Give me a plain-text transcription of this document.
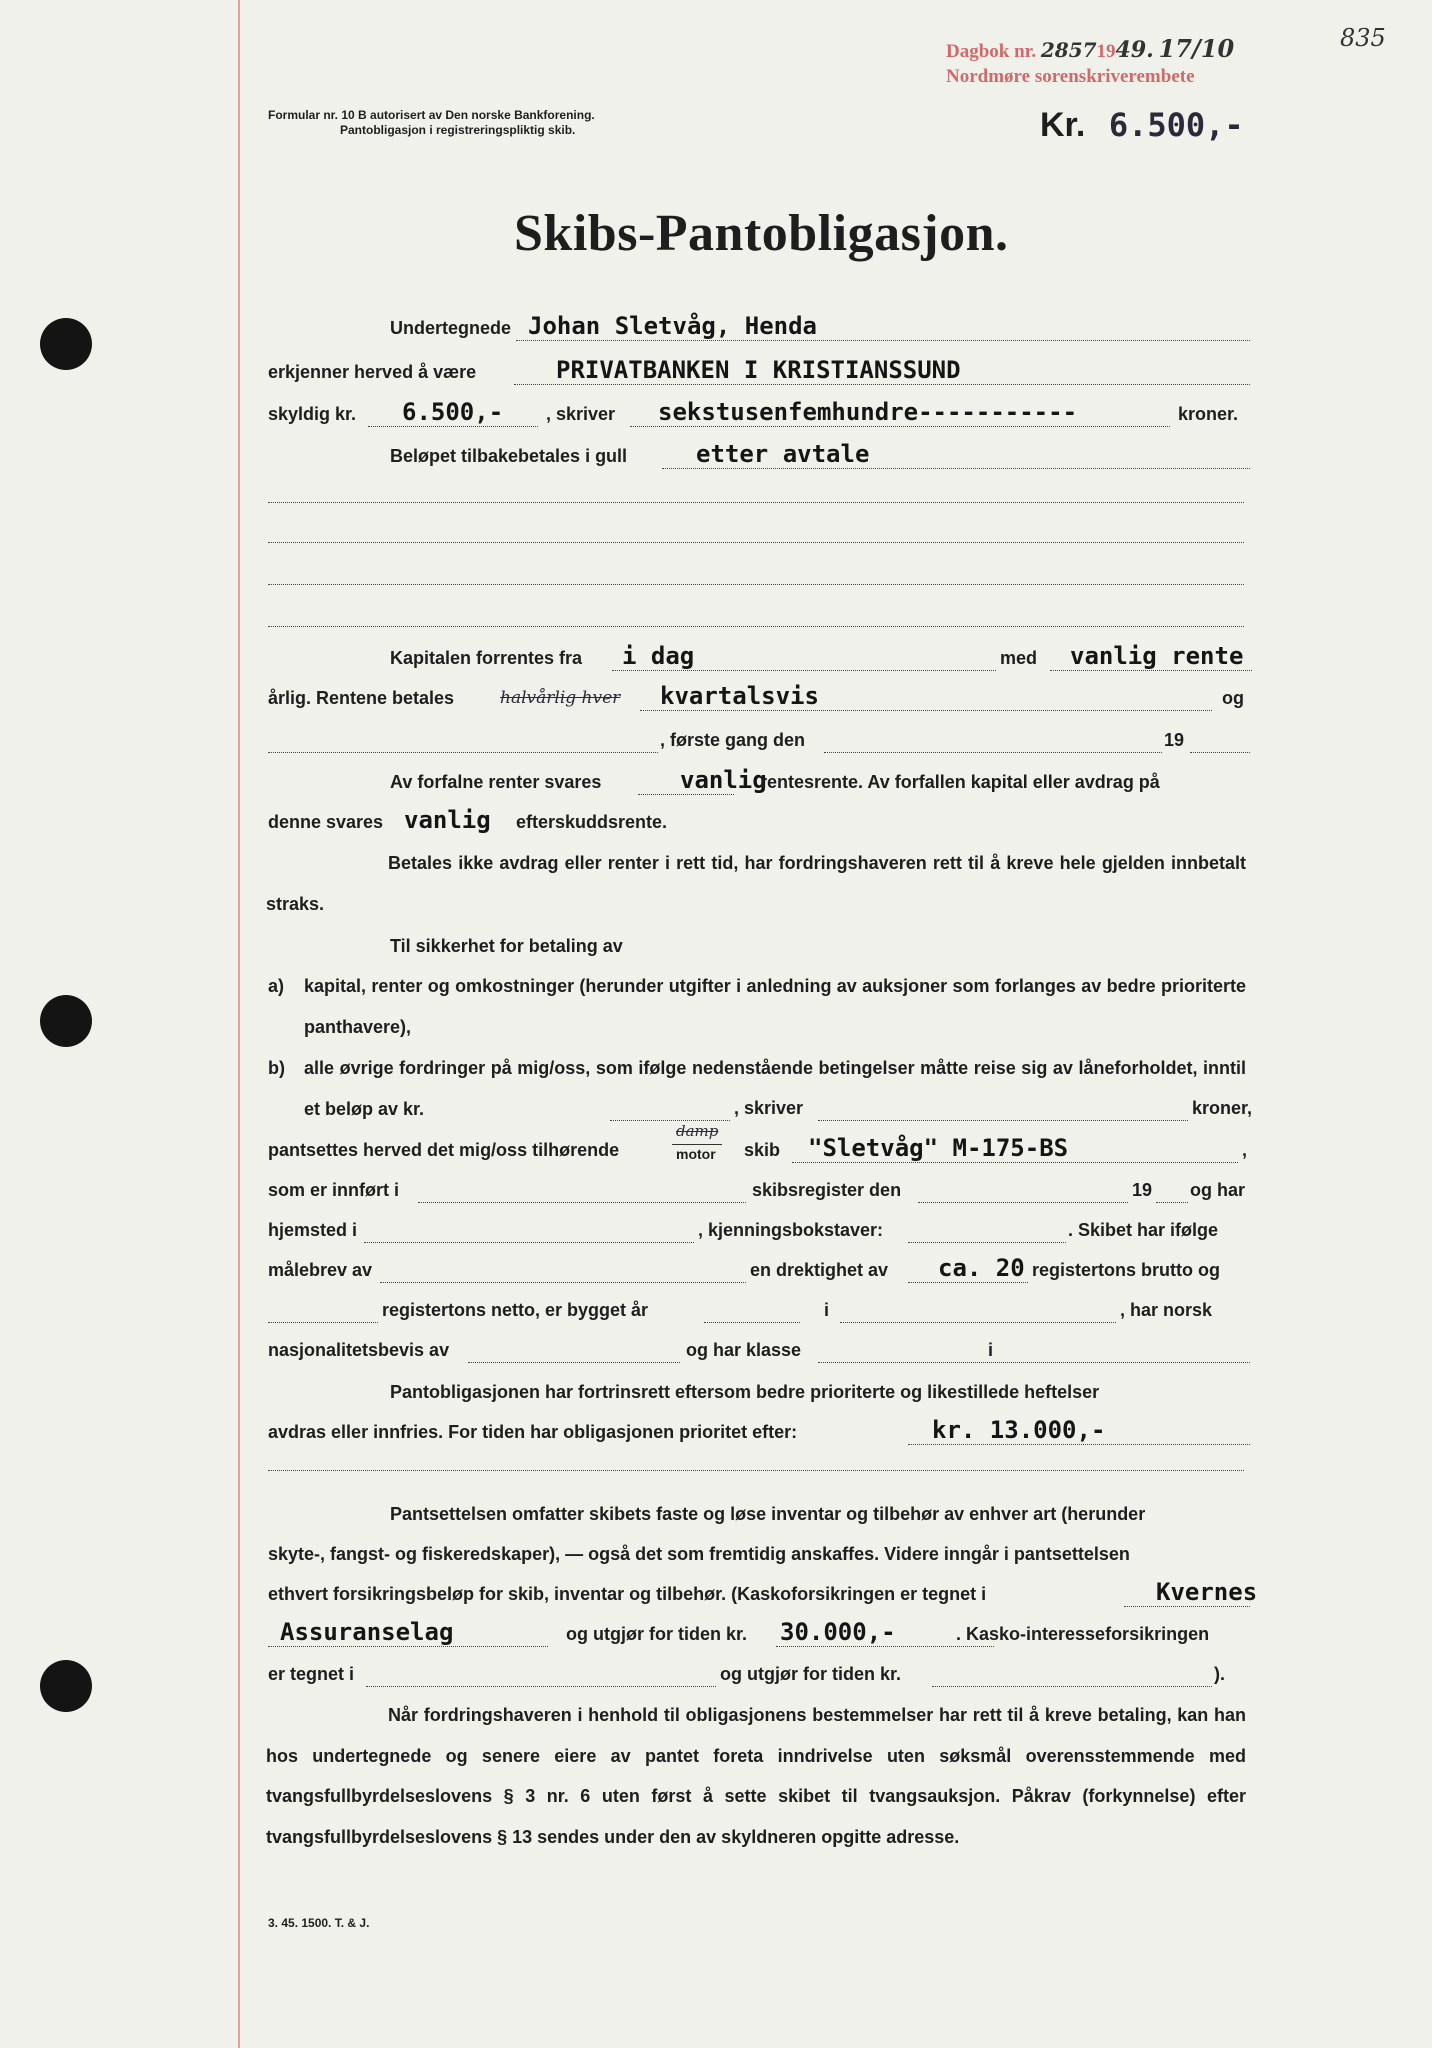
Dagbok nr. 28571949. 17/10	835
Nordmøre sorenskriverembete
Formular nr. 10 B autorisert av Den norske Bankforening.
Pantobligasjon i registreringspliktig skib.	Kr. 6.500,-
Skibs-Pantobligasjon.
Undertegnede Johan Sletvåg, Henda
erkjenner herved å være	PRIVATBANKEN I KRISTIANSSUND
skyldig kr. 6.500,- , skriver sekstusenfemhundre-----------	kroner.
Beløpet tilbakebetales i gull	etter avtale
Kapitalen forrentes fra i dag	med vanlig rente
årlig. Rentene betales	halvårlig hver kvartalsvis	og
, første gang den	19
Av forfalne renter svares	vanlig
rentesrente. Av forfallen kapital eller avdrag på
denne svares vanlig efterskuddsrente.
Betales ikke avdrag eller renter i rett tid, har fordringshaveren rett til å kreve hele gjelden innbetalt straks.
Til sikkerhet for betaling av
a) kapital, renter og omkostninger (herunder utgifter i anledning av auksjoner som forlanges av bedre prioriterte panthavere),
b) alle øvrige fordringer på mig/oss, som ifølge nedenstående betingelser måtte reise sig av låneforholdet, inntil et beløp av kr.	, skriver	kroner,
pantsettes herved det mig/oss tilhørende
damp
motor skib "Sletvåg" M-175-BS	,
som er innført i	skibsregister den	19 og har
hjemsted i	, kjenningsbokstaver:	. Skibet har ifølge
målebrev av	en drektighet av ca. 20 registertons brutto og
registertons netto, er bygget år	i	, har norsk
nasjonalitetsbevis av	og har klasse	i
Pantobligasjonen har fortrinsrett eftersom bedre prioriterte og likestillede heftelser
avdras eller innfries. For tiden har obligasjonen prioritet efter:	kr. 13.000,-
Pantsettelsen omfatter skibets faste og løse inventar og tilbehør av enhver art (herunder
skyte-, fangst- og fiskeredskaper), — også det som fremtidig anskaffes. Videre inngår i pantsettelsen
ethvert forsikringsbeløp for skib, inventar og tilbehør. (Kaskoforsikringen er tegnet i	Kvernes
Assuranselag	og utgjør for tiden kr. 30.000,-	. Kasko-interesseforsikringen
er tegnet i	og utgjør for tiden kr.	).
Når fordringshaveren i henhold til obligasjonens bestemmelser har rett til å kreve betaling, kan han hos undertegnede og senere eiere av pantet foreta inndrivelse uten søksmål overensstemmende med tvangsfullbyrdelseslovens § 3 nr. 6 uten først å sette skibet til tvangsauksjon. Påkrav (forkynnelse) efter tvangsfullbyrdelseslovens § 13 sendes under den av skyldneren opgitte adresse.
3. 45. 1500. T. & J.
